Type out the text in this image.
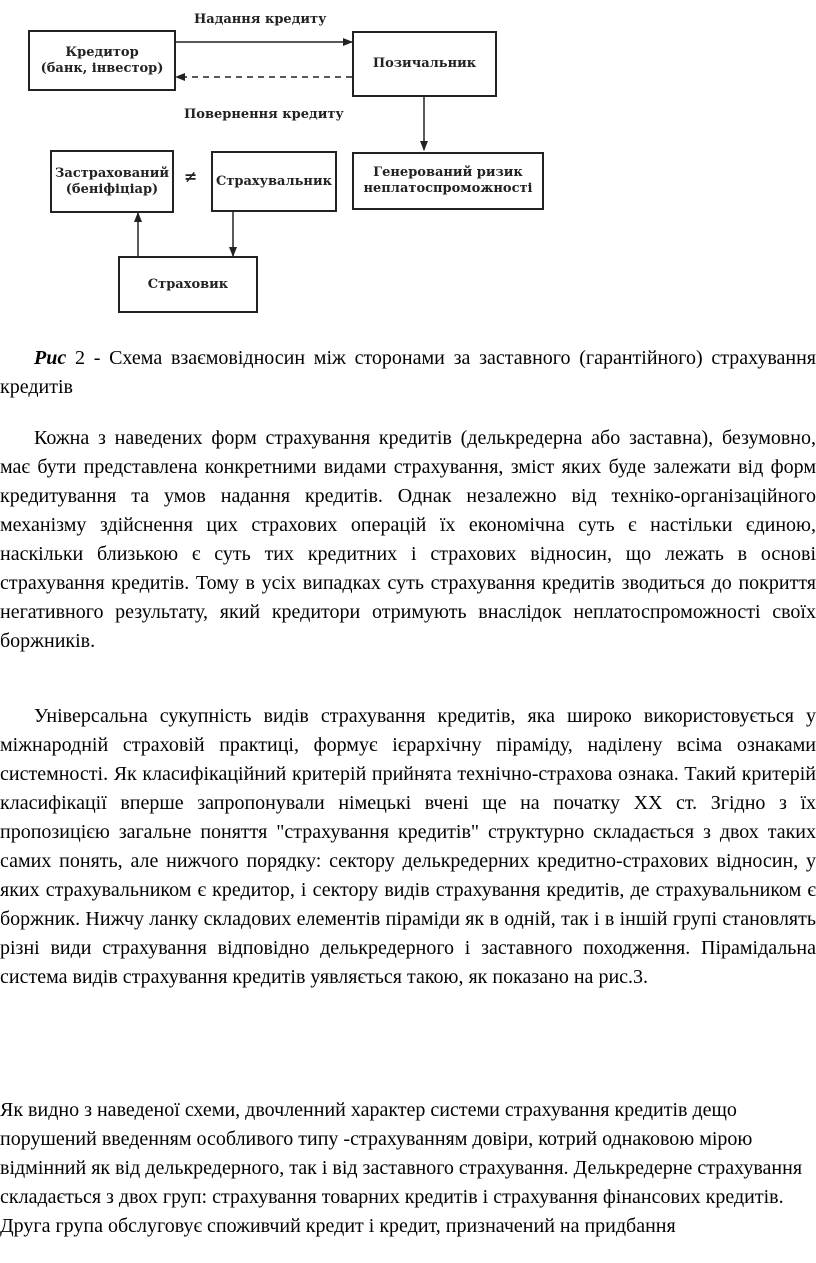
Надання кредиту
Повернення кредиту
Кредитор
(банк, інвестор)	Позичальник
Генерований ризик
неплатоспроможності
Застрахований
(беніфіціар)
≠	Страхувальник
Страховик

Рис 2 - Схема взаємовідносин між сторонами за заставного (гарантійного) страхування кредитів

Кожна з наведених форм страхування кредитів (делькредерна або заставна), безумовно, має бути представлена конкретними видами страхування, зміст яких буде залежати від форм кредитування та умов надання кредитів. Однак незалежно від техніко-організаційного механізму здійснення цих страхових операцій їх економічна суть є настільки єдиною, наскільки близькою є суть тих кредитних і страхових відносин, що лежать в основі страхування кредитів. Тому в усіх випадках суть страхування кредитів зводиться до покриття негативного результату, який кредитори отримують внаслідок неплатоспроможності своїх боржників.

Універсальна сукупність видів страхування кредитів, яка широко використовується у міжнародній страховій практиці, формує ієрархічну піраміду, наділену всіма ознаками системності. Як класифікаційний критерій прийнята технічно-страхова ознака. Такий критерій класифікації вперше запропонували німецькі вчені ще на початку XX ст. Згідно з їх пропозицією загальне поняття "страхування кредитів" структурно складається з двох таких самих понять, але нижчого порядку: сектору делькредерних кредитно-страхових відносин, у яких страхувальником є кредитор, і сектору видів страхування кредитів, де страхувальником є боржник. Нижчу ланку складових елементів піраміди як в одній, так і в іншій групі становлять різні види страхування відповідно делькредерного і заставного походження. Пірамідальна система видів страхування кредитів уявляється такою, як показано на рис.3.

Як видно з наведеної схеми, двочленний характер системи страхування кредитів дещо порушений введенням особливого типу -страхуванням довіри, котрий однаковою мірою відмінний як від делькредерного, так і від заставного страхування. Делькредерне страхування складається з двох груп: страхування товарних кредитів і страхування фінансових кредитів. Друга група обслуговує споживчий кредит і кредит, призначений на придбання
